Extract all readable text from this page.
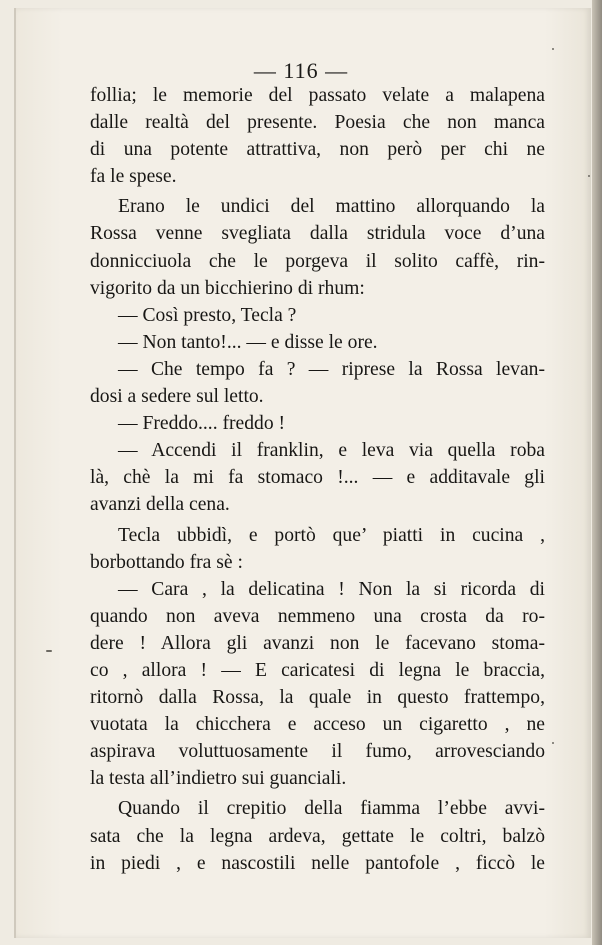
— 116 —
follia; le memorie del passato velate a malapena
dalle realtà del presente. Poesia che non manca
di una potente attrattiva, non però per chi ne
fa le spese.
Erano le undici del mattino allorquando la
Rossa venne svegliata dalla stridula voce d’una
donnicciuola che le porgeva il solito caffè, rin-
vigorito da un bicchierino di rhum:
— Così presto, Tecla ?
— Non tanto!... — e disse le ore.
— Che tempo fa ? — riprese la Rossa levan-
dosi a sedere sul letto.
— Freddo.... freddo !
— Accendi il franklin, e leva via quella roba
là, chè la mi fa stomaco !... — e additavale gli
avanzi della cena.
Tecla ubbidì, e portò que’ piatti in cucina ,
borbottando fra sè :
— Cara , la delicatina ! Non la si ricorda di
quando non aveva nemmeno una crosta da ro-
dere ! Allora gli avanzi non le facevano stoma-
co , allora ! — E caricatesi di legna le braccia,
ritornò dalla Rossa, la quale in questo frattempo,
vuotata la chicchera e acceso un cigaretto , ne
aspirava voluttuosamente il fumo, arrovesciando
la testa all’indietro sui guanciali.
Quando il crepitio della fiamma l’ebbe avvi-
sata che la legna ardeva, gettate le coltri, balzò
in piedi , e nascostili nelle pantofole , ficcò le
